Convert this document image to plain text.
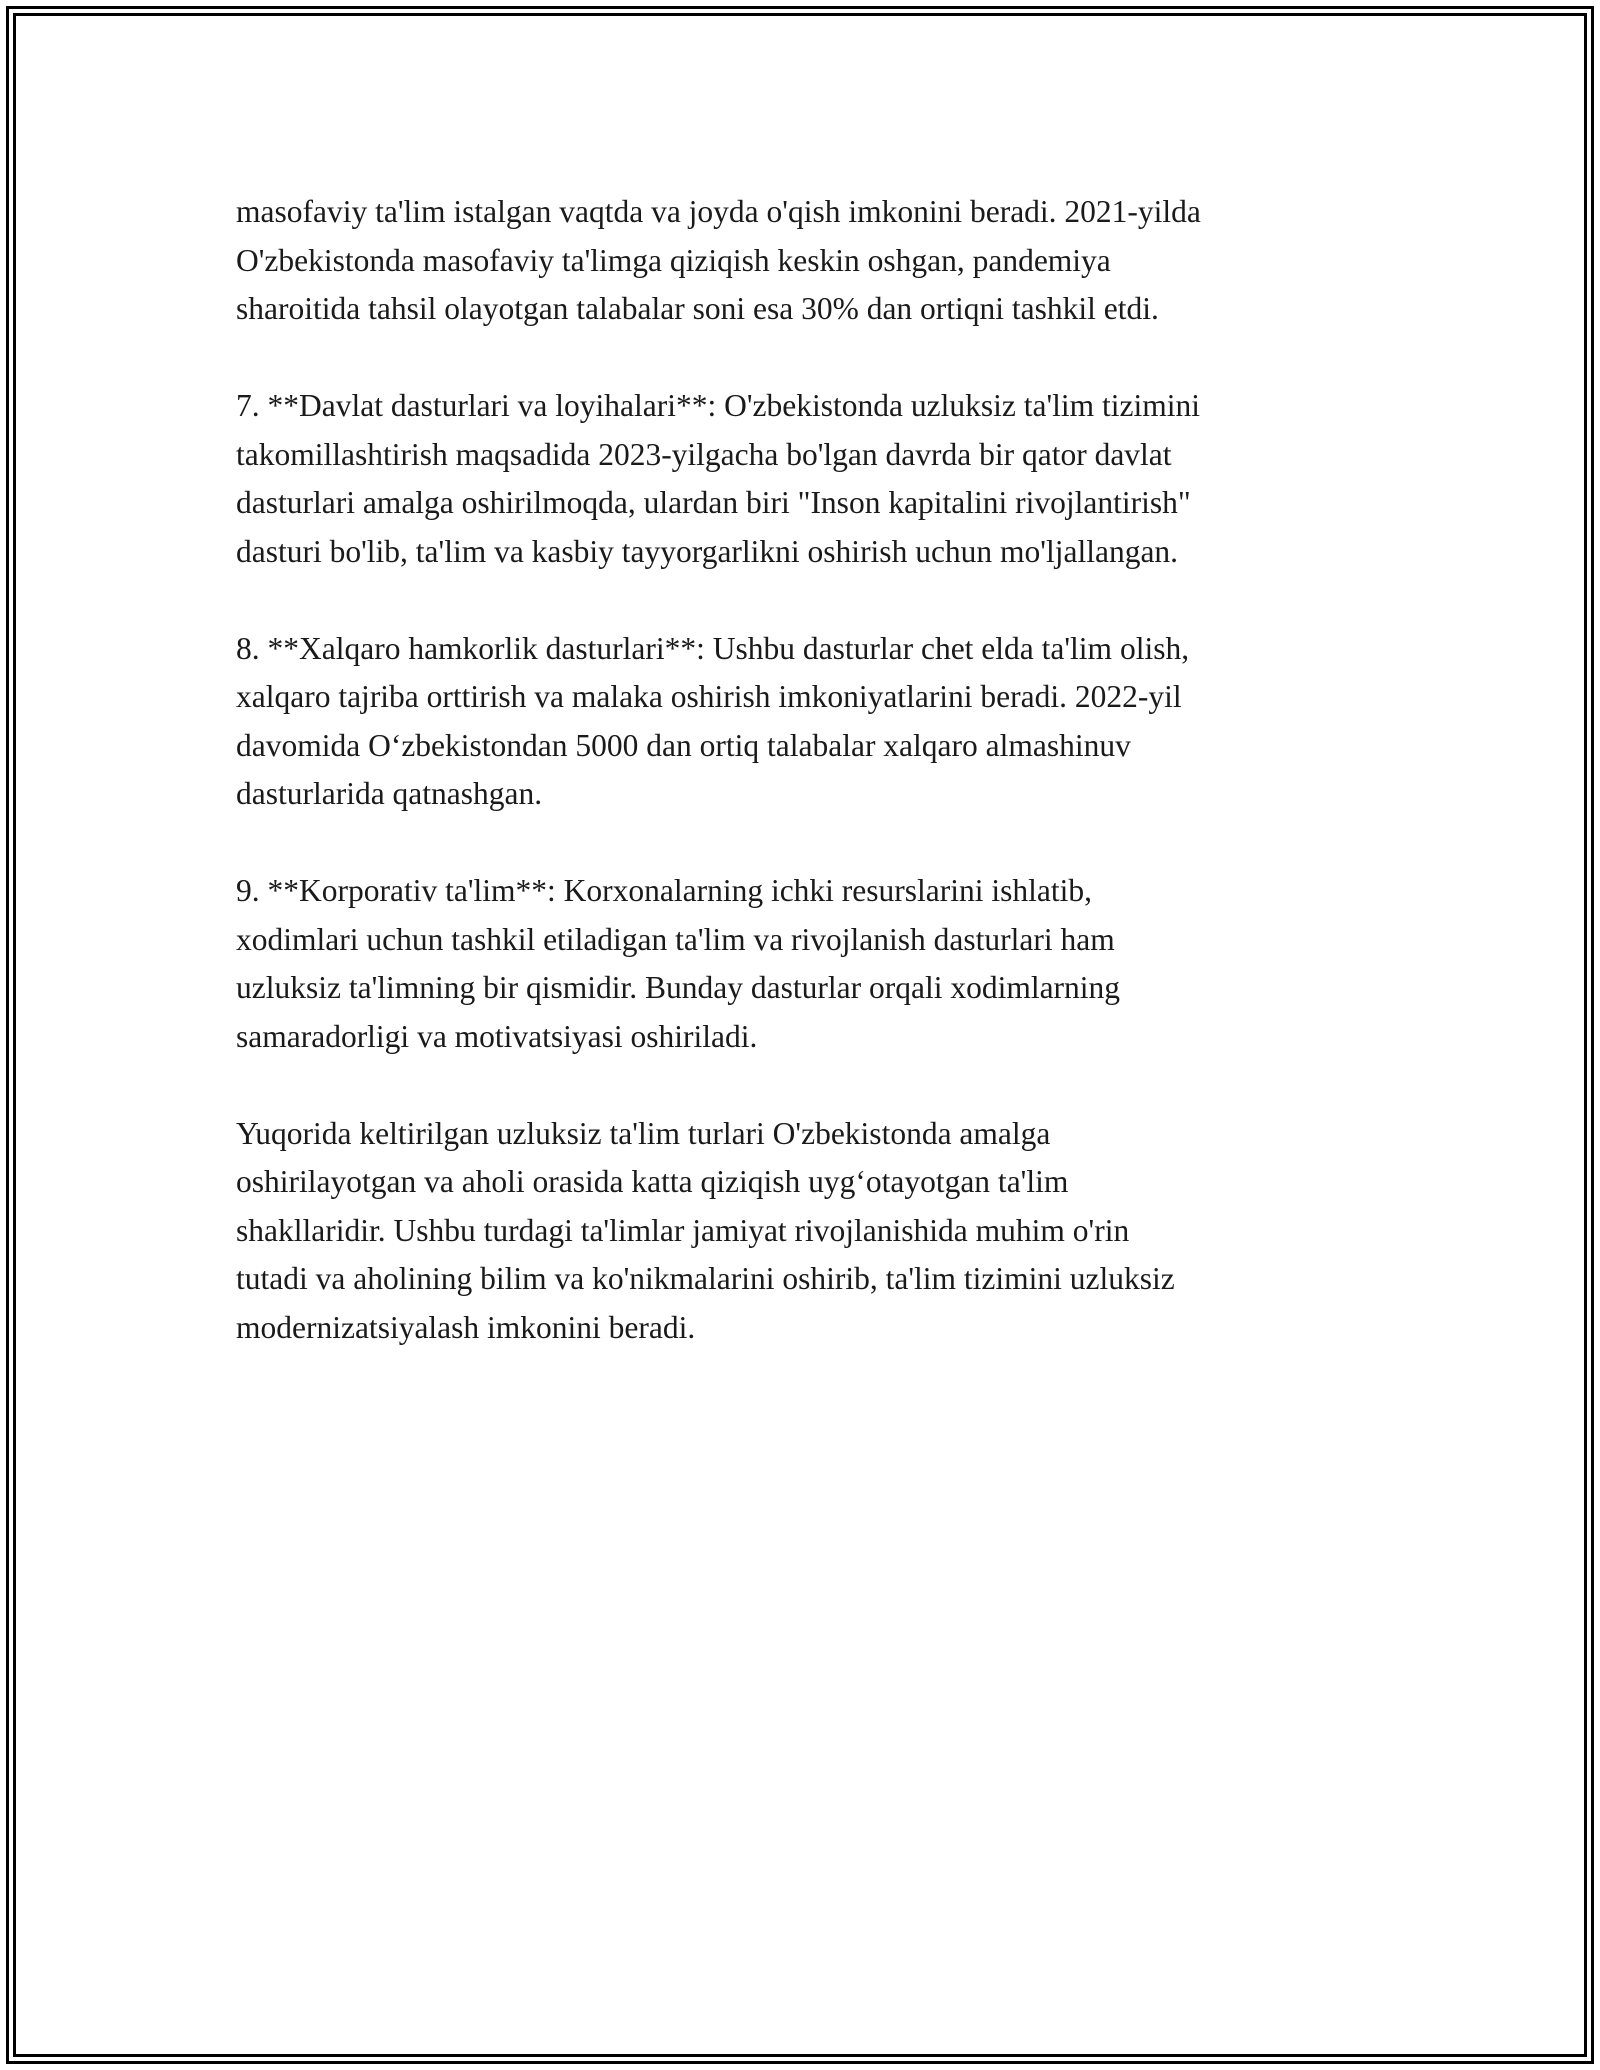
masofaviy ta'lim istalgan vaqtda va joyda o'qish imkonini beradi. 2021-yilda
O'zbekistonda masofaviy ta'limga qiziqish keskin oshgan, pandemiya
sharoitida tahsil olayotgan talabalar soni esa 30% dan ortiqni tashkil etdi.

7. **Davlat dasturlari va loyihalari**: O'zbekistonda uzluksiz ta'lim tizimini
takomillashtirish maqsadida 2023-yilgacha bo'lgan davrda bir qator davlat
dasturlari amalga oshirilmoqda, ulardan biri "Inson kapitalini rivojlantirish"
dasturi bo'lib, ta'lim va kasbiy tayyorgarlikni oshirish uchun mo'ljallangan.

8. **Xalqaro hamkorlik dasturlari**: Ushbu dasturlar chet elda ta'lim olish,
xalqaro tajriba orttirish va malaka oshirish imkoniyatlarini beradi. 2022-yil
davomida O‘zbekistondan 5000 dan ortiq talabalar xalqaro almashinuv
dasturlarida qatnashgan.

9. **Korporativ ta'lim**: Korxonalarning ichki resurslarini ishlatib,
xodimlari uchun tashkil etiladigan ta'lim va rivojlanish dasturlari ham
uzluksiz ta'limning bir qismidir. Bunday dasturlar orqali xodimlarning
samaradorligi va motivatsiyasi oshiriladi.

Yuqorida keltirilgan uzluksiz ta'lim turlari O'zbekistonda amalga
oshirilayotgan va aholi orasida katta qiziqish uyg‘otayotgan ta'lim
shakllaridir. Ushbu turdagi ta'limlar jamiyat rivojlanishida muhim o'rin
tutadi va aholining bilim va ko'nikmalarini oshirib, ta'lim tizimini uzluksiz
modernizatsiyalash imkonini beradi.
